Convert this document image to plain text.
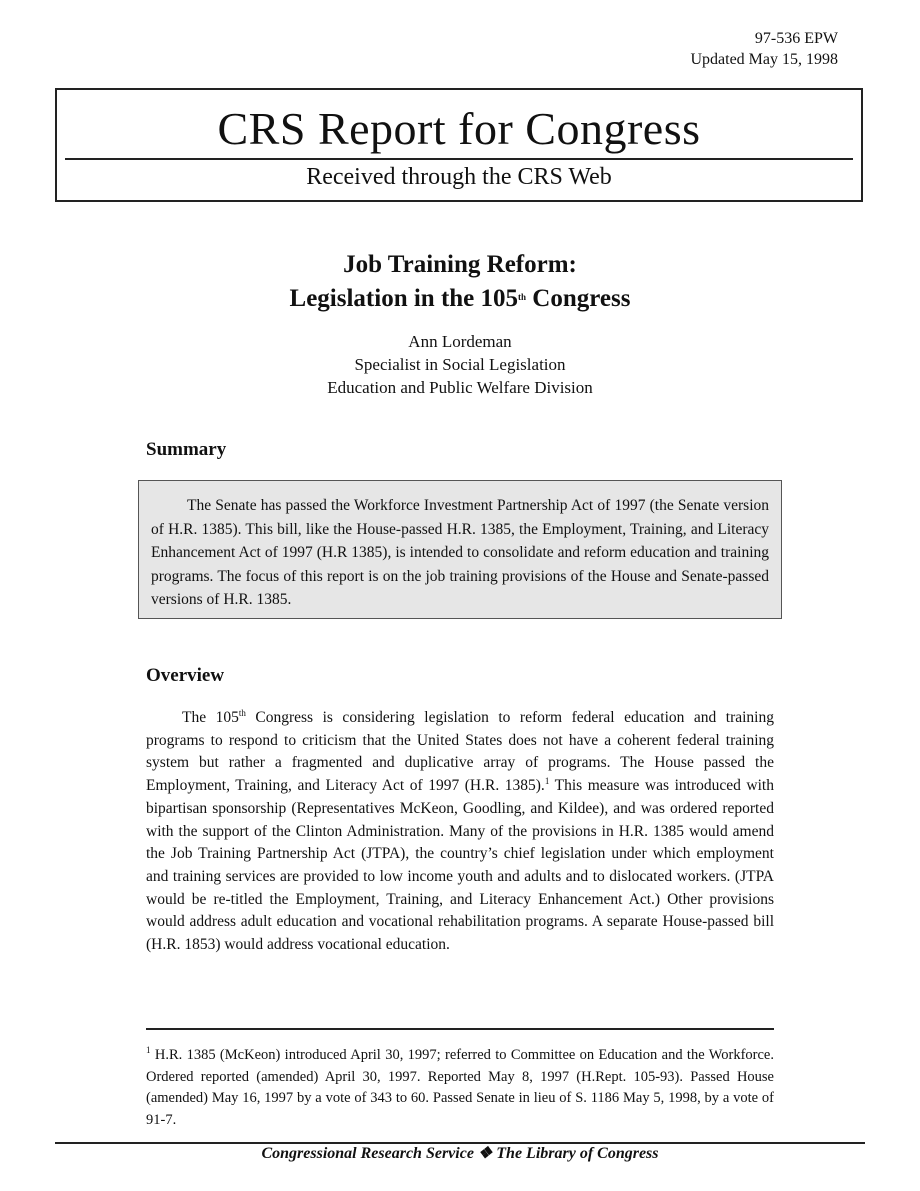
97-536 EPW
Updated May 15, 1998
CRS Report for Congress
Received through the CRS Web
Job Training Reform:
Legislation in the 105th Congress
Ann Lordeman
Specialist in Social Legislation
Education and Public Welfare Division
Summary
The Senate has passed the Workforce Investment Partnership Act of 1997 (the Senate version of H.R. 1385). This bill, like the House-passed H.R. 1385, the Employment, Training, and Literacy Enhancement Act of 1997 (H.R 1385), is intended to consolidate and reform education and training programs. The focus of this report is on the job training provisions of the House and Senate-passed versions of H.R. 1385.
Overview
The 105th Congress is considering legislation to reform federal education and training programs to respond to criticism that the United States does not have a coherent federal training system but rather a fragmented and duplicative array of programs. The House passed the Employment, Training, and Literacy Act of 1997 (H.R. 1385).$^1$ This measure was introduced with bipartisan sponsorship (Representatives McKeon, Goodling, and Kildee), and was ordered reported with the support of the Clinton Administration. Many of the provisions in H.R. 1385 would amend the Job Training Partnership Act (JTPA), the country’s chief legislation under which employment and training services are provided to low income youth and adults and to dislocated workers. (JTPA would be re-titled the Employment, Training, and Literacy Enhancement Act.) Other provisions would address adult education and vocational rehabilitation programs. A separate House-passed bill (H.R. 1853) would address vocational education.
$^1$ H.R. 1385 (McKeon) introduced April 30, 1997; referred to Committee on Education and the Workforce. Ordered reported (amended) April 30, 1997. Reported May 8, 1997 (H.Rept. 105-93). Passed House (amended) May 16, 1997 by a vote of 343 to 60. Passed Senate in lieu of S. 1186 May 5, 1998, by a vote of 91-7.
Congressional Research Service ❖ The Library of Congress
